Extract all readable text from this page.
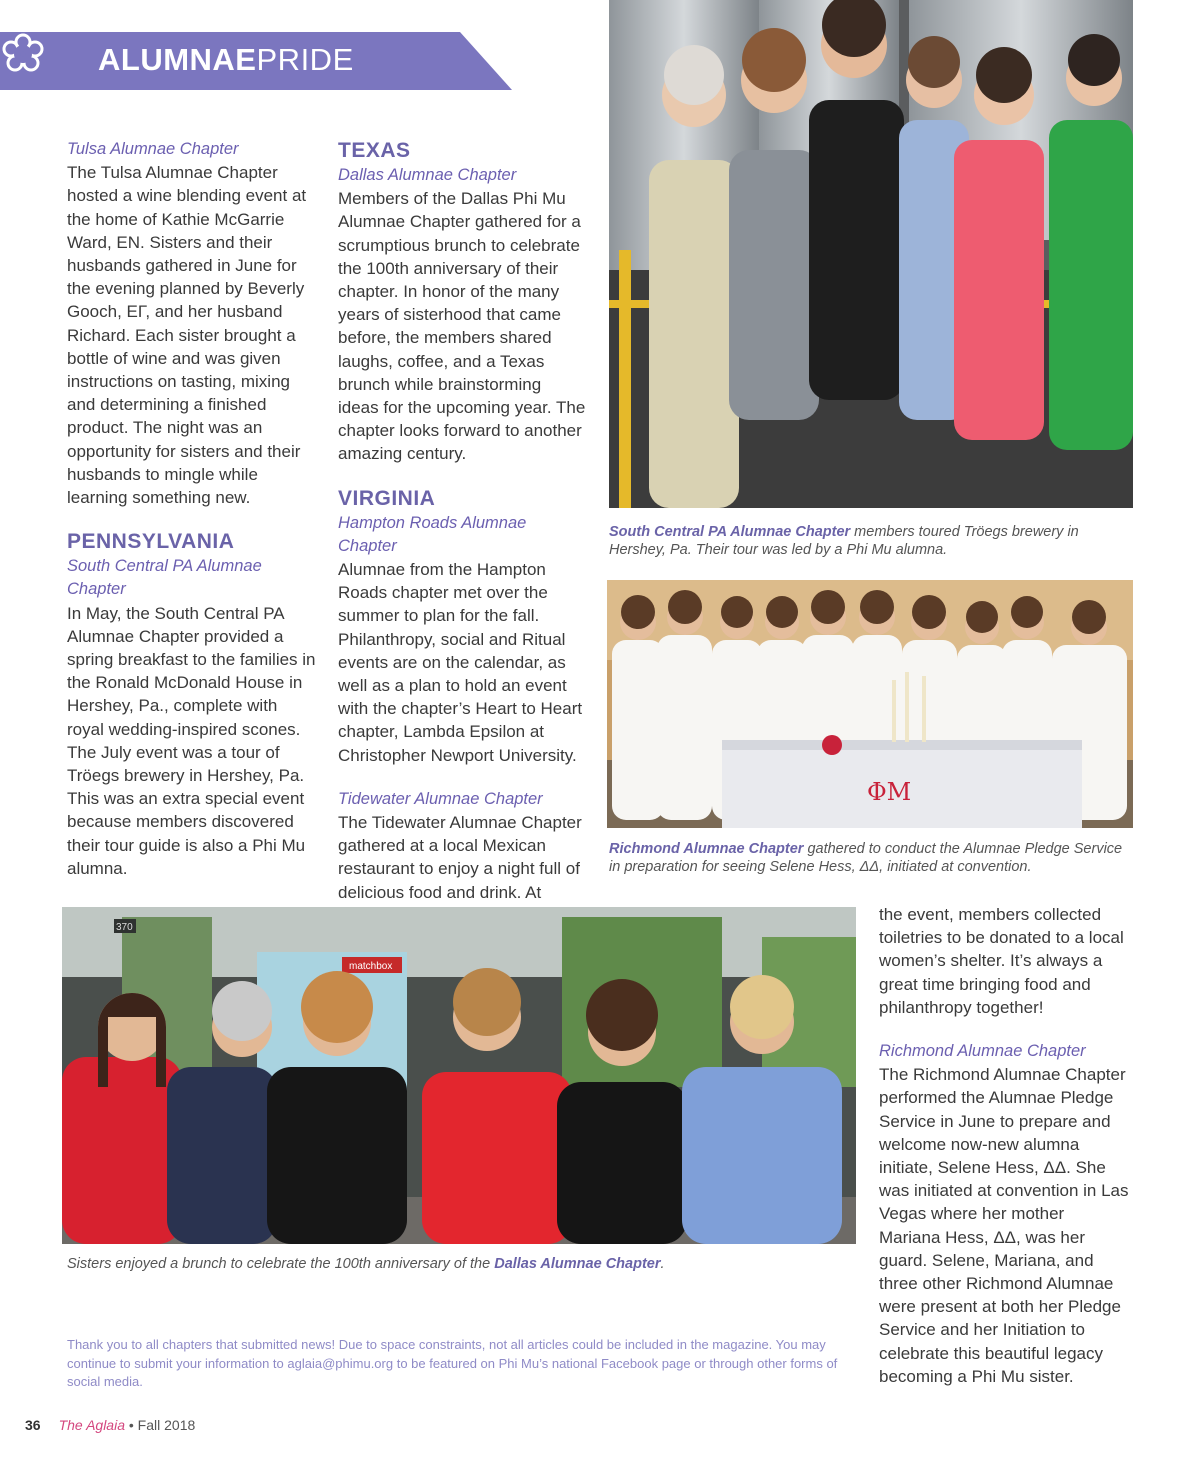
ALUMNAEPRIDE
Tulsa Alumnae Chapter

The Tulsa Alumnae Chapter hosted a wine blending event at the home of Kathie McGarrie Ward, EN. Sisters and their husbands gathered in June for the evening planned by Beverly Gooch, EΓ, and her husband Richard. Each sister brought a bottle of wine and was given instructions on tasting, mixing and determining a finished product. The night was an opportunity for sisters and their husbands to mingle while learning something new.

PENNSYLVANIA
South Central PA Alumnae Chapter

In May, the South Central PA Alumnae Chapter provided a spring breakfast to the families in the Ronald McDonald House in Hershey, Pa., complete with royal wedding-inspired scones. The July event was a tour of Tröegs brewery in Hershey, Pa. This was an extra special event because members discovered their tour guide is also a Phi Mu alumna.

TEXAS
Dallas Alumnae Chapter

Members of the Dallas Phi Mu Alumnae Chapter gathered for a scrumptious brunch to celebrate the 100th anniversary of their chapter. In honor of the many years of sisterhood that came before, the members shared laughs, coffee, and a Texas brunch while brainstorming ideas for the upcoming year. The chapter looks forward to another amazing century.

VIRGINIA
Hampton Roads Alumnae Chapter

Alumnae from the Hampton Roads chapter met over the summer to plan for the fall. Philanthropy, social and Ritual events are on the calendar, as well as a plan to hold an event with the chapter’s Heart to Heart chapter, Lambda Epsilon at Christopher Newport University.

Tidewater Alumnae Chapter

The Tidewater Alumnae Chapter gathered at a local Mexican restaurant to enjoy a night full of delicious food and drink. At

the event, members collected toiletries to be donated to a local women’s shelter. It’s always a great time bringing food and philanthropy together!

Richmond Alumnae Chapter

The Richmond Alumnae Chapter performed the Alumnae Pledge Service in June to prepare and welcome now-new alumna initiate, Selene Hess, ΔΔ. She was initiated at convention in Las Vegas where her mother Mariana Hess, ΔΔ, was her guard. Selene, Mariana, and three other Richmond Alumnae were present at both her Pledge Service and her Initiation to celebrate this beautiful legacy becoming a Phi Mu sister.

South Central PA Alumnae Chapter members toured Tröegs brewery in Hershey, Pa. Their tour was led by a Phi Mu alumna.
ΦΜ
Richmond Alumnae Chapter gathered to conduct the Alumnae Pledge Service in preparation for seeing Selene Hess, ΔΔ, initiated at convention.
matchbox
370
Sisters enjoyed a brunch to celebrate the 100th anniversary of the Dallas Alumnae Chapter.
Thank you to all chapters that submitted news! Due to space constraints, not all articles could be included in the magazine. You may continue to submit your information to aglaia@phimu.org to be featured on Phi Mu’s national Facebook page or through other forms of social media.
36 The Aglaia • Fall 2018
